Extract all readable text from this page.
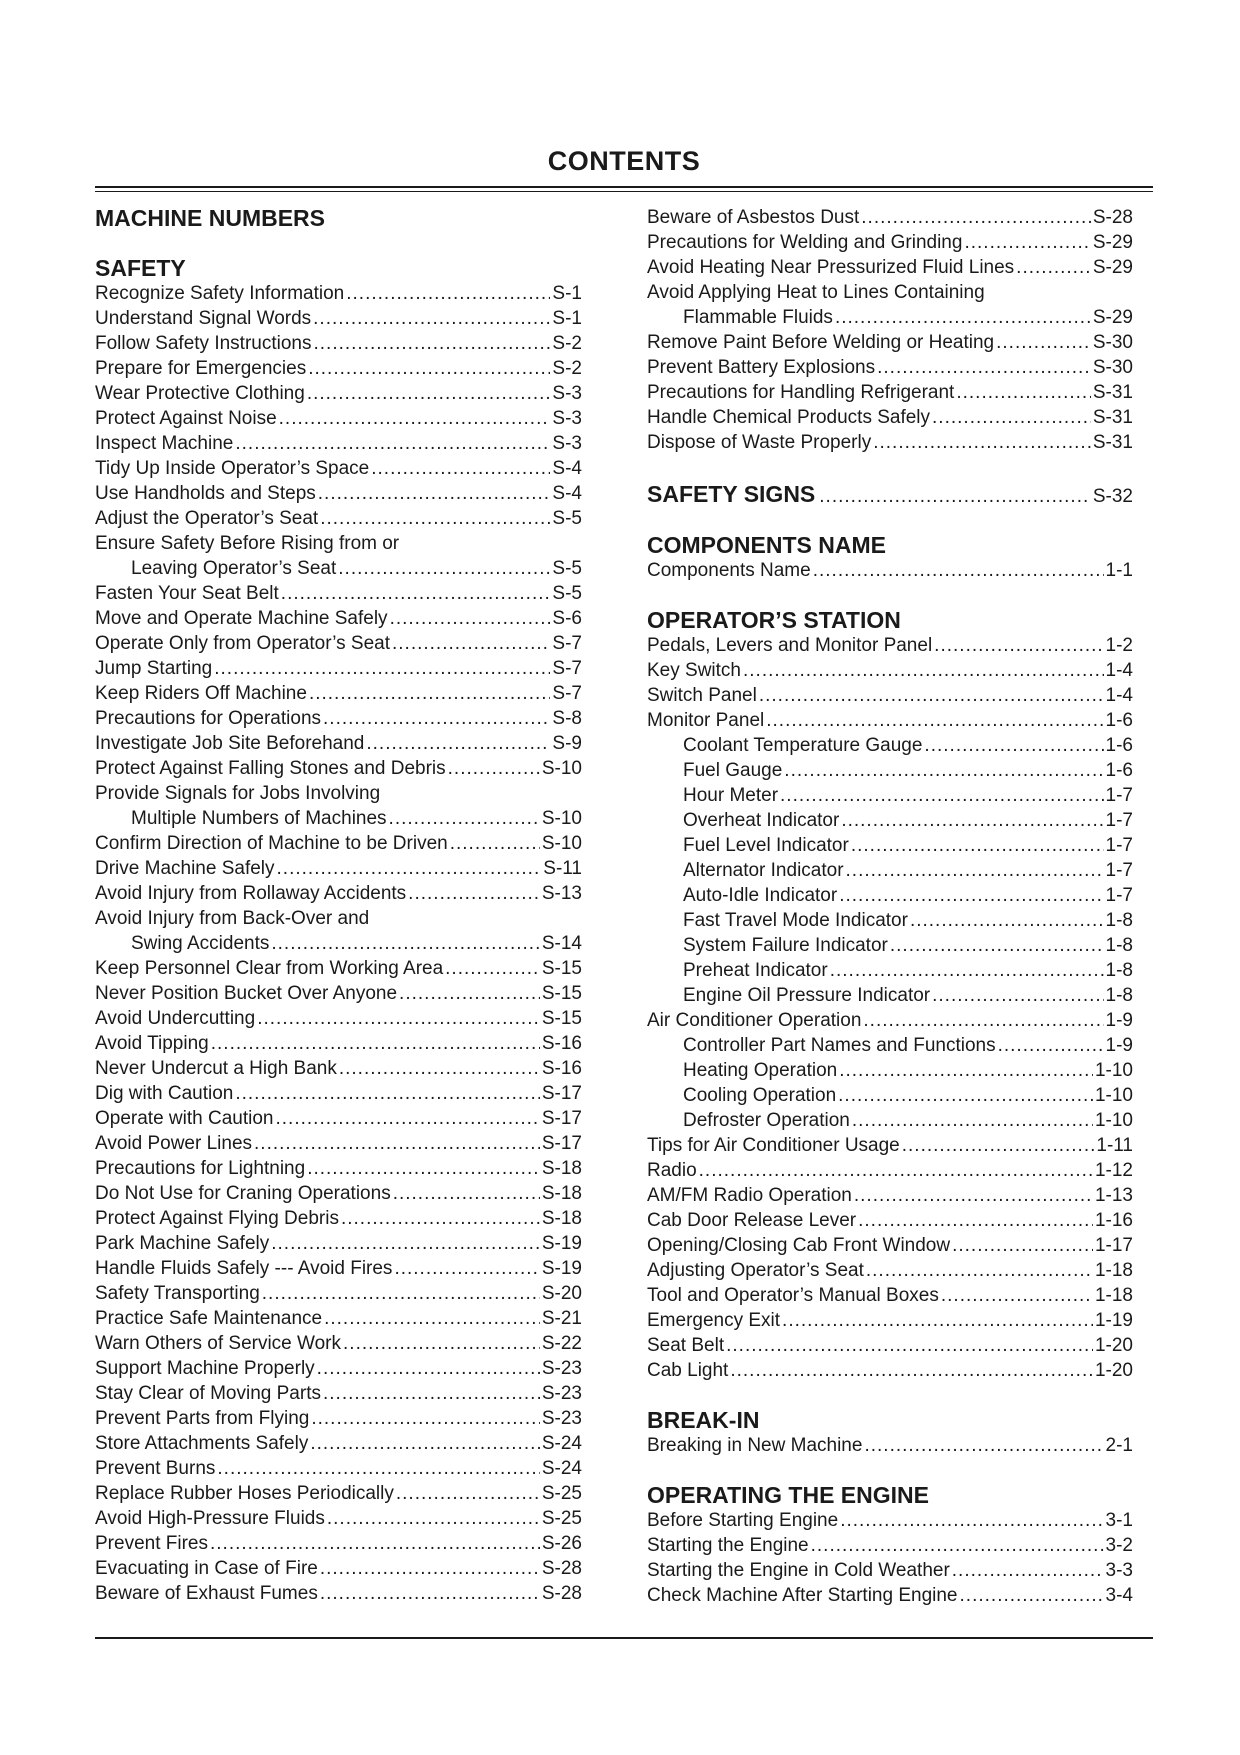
CONTENTS
MACHINE NUMBERS
SAFETY
Recognize Safety Information .....	S-1
Understand Signal Words .....	S-1
Follow Safety Instructions .....	S-2
Prepare for Emergencies .....	S-2
Wear Protective Clothing .....	S-3
Protect Against Noise .....	S-3
Inspect Machine .....	S-3
Tidy Up Inside Operator’s Space .....	S-4
Use Handholds and Steps .....	S-4
Adjust the Operator’s Seat .....	S-5
Ensure Safety Before Rising from or
Leaving Operator’s Seat .....	S-5
Fasten Your Seat Belt .....	S-5
Move and Operate Machine Safely .....	S-6
Operate Only from Operator’s Seat .....	S-7
Jump Starting .....	S-7
Keep Riders Off Machine .....	S-7
Precautions for Operations .....	S-8
Investigate Job Site Beforehand .....	S-9
Protect Against Falling Stones and Debris .....	S-10
Provide Signals for Jobs Involving
Multiple Numbers of Machines .....	S-10
Confirm Direction of Machine to be Driven .....	S-10
Drive Machine Safely .....	S-11
Avoid Injury from Rollaway Accidents .....	S-13
Avoid Injury from Back-Over and
Swing Accidents .....	S-14
Keep Personnel Clear from Working Area .....	S-15
Never Position Bucket Over Anyone .....	S-15
Avoid Undercutting .....	S-15
Avoid Tipping .....	S-16
Never Undercut a High Bank .....	S-16
Dig with Caution .....	S-17
Operate with Caution .....	S-17
Avoid Power Lines .....	S-17
Precautions for Lightning .....	S-18
Do Not Use for Craning Operations .....	S-18
Protect Against Flying Debris .....	S-18
Park Machine Safely .....	S-19
Handle Fluids Safely --- Avoid Fires .....	S-19
Safety Transporting .....	S-20
Practice Safe Maintenance .....	S-21
Warn Others of Service Work .....	S-22
Support Machine Properly .....	S-23
Stay Clear of Moving Parts .....	S-23
Prevent Parts from Flying .....	S-23
Store Attachments Safely .....	S-24
Prevent Burns .....	S-24
Replace Rubber Hoses Periodically .....	S-25
Avoid High-Pressure Fluids .....	S-25
Prevent Fires .....	S-26
Evacuating in Case of Fire .....	S-28
Beware of Exhaust Fumes .....	S-28
Beware of Asbestos Dust .....	S-28
Precautions for Welding and Grinding .....	S-29
Avoid Heating Near Pressurized Fluid Lines .....	S-29
Avoid Applying Heat to Lines Containing
Flammable Fluids .....	S-29
Remove Paint Before Welding or Heating .....	S-30
Prevent Battery Explosions .....	S-30
Precautions for Handling Refrigerant .....	S-31
Handle Chemical Products Safely .....	S-31
Dispose of Waste Properly .....	S-31
SAFETY SIGNS .....	S-32
COMPONENTS NAME
Components Name .....	1-1
OPERATOR’S STATION
Pedals, Levers and Monitor Panel .....	1-2
Key Switch .....	1-4
Switch Panel .....	1-4
Monitor Panel .....	1-6
Coolant Temperature Gauge .....	1-6
Fuel Gauge .....	1-6
Hour Meter .....	1-7
Overheat Indicator .....	1-7
Fuel Level Indicator .....	1-7
Alternator Indicator .....	1-7
Auto-Idle Indicator .....	1-7
Fast Travel Mode Indicator .....	1-8
System Failure Indicator .....	1-8
Preheat Indicator .....	1-8
Engine Oil Pressure Indicator .....	1-8
Air Conditioner Operation .....	1-9
Controller Part Names and Functions .....	1-9
Heating Operation .....	1-10
Cooling Operation .....	1-10
Defroster Operation .....	1-10
Tips for Air Conditioner Usage .....	1-11
Radio .....	1-12
AM/FM Radio Operation .....	1-13
Cab Door Release Lever .....	1-16
Opening/Closing Cab Front Window .....	1-17
Adjusting Operator’s Seat .....	1-18
Tool and Operator’s Manual Boxes .....	1-18
Emergency Exit .....	1-19
Seat Belt .....	1-20
Cab Light .....	1-20
BREAK-IN
Breaking in New Machine .....	2-1
OPERATING THE ENGINE
Before Starting Engine .....	3-1
Starting the Engine .....	3-2
Starting the Engine in Cold Weather .....	3-3
Check Machine After Starting Engine .....	3-4
